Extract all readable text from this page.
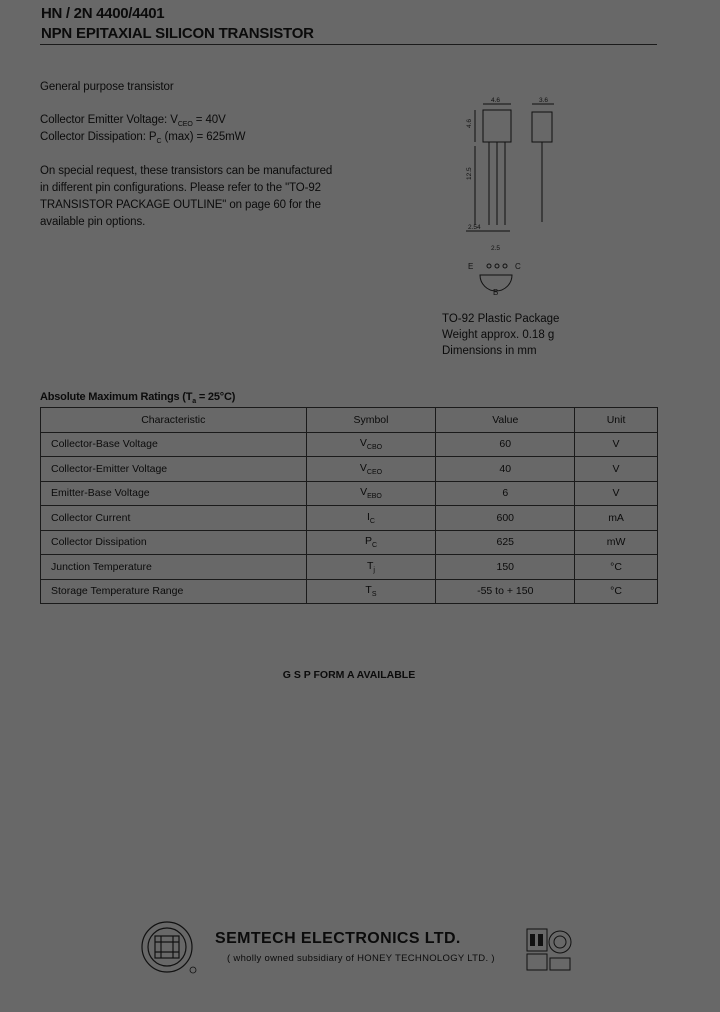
HN / 2N 4400/4401
NPN EPITAXIAL SILICON TRANSISTOR
General purpose transistor
Collector Emitter Voltage: $V_{CEO} = 40V$
Collector Dissipation: $P_C$ (max) = 625mW
On special request, these transistors can be manufactured
in different pin configurations. Please refer to the "TO-92
TRANSISTOR PACKAGE OUTLINE" on page 60 for the
available pin options.
4.6	3.6
4.6
12.5
2.54
2.5
E	C
B
TO-92 Plastic Package
Weight approx. 0.18 g
Dimensions in mm
Absolute Maximum Ratings $(T_a = 25^\circ C)$
Characteristic	Symbol	Value	Unit
Collector-Base Voltage	$V_{CBO}$	60	V
Collector-Emitter Voltage	$V_{CEO}$	40	V
Emitter-Base Voltage	$V_{EBO}$	6	V
Collector Current	$I_C$	600	mA
Collector Dissipation	$P_C$	625	mW
Junction Temperature	$T_j$	150	°C
Storage Temperature Range	$T_S$	-55 to + 150	°C
G S P FORM A AVAILABLE
SEMTECH ELECTRONICS LTD.
( wholly owned subsidiary of HONEY TECHNOLOGY LTD. )
